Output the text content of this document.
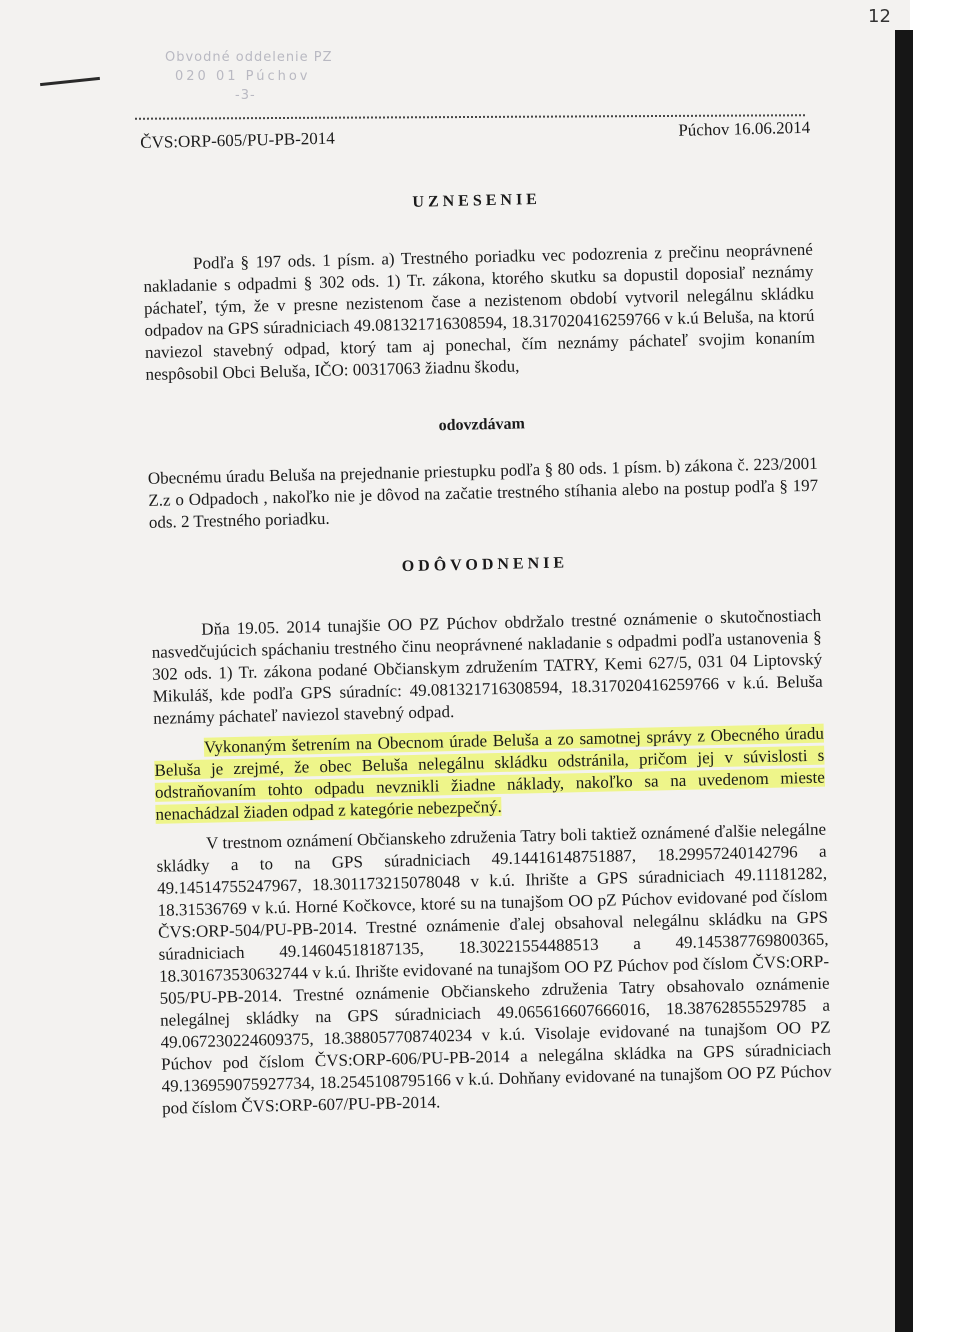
12
Obvodné oddelenie PZ
020 01 Púchov
-3-
ČVS:ORP-605/PU-PB-2014	Púchov 16.06.2014
UZNESENIE

Podľa § 197 ods. 1 písm. a) Trestného poriadku vec podozrenia z prečinu neoprávnené nakladanie s odpadmi § 302 ods. 1) Tr. zákona, ktorého skutku sa dopustil doposiaľ neznámy páchateľ, tým, že v presne nezistenom čase a nezistenom období vytvoril nelegálnu skládku odpadov na GPS súradniciach 49.081321716308594, 18.317020416259766 v k.ú Beluša, na ktorú naviezol stavebný odpad, ktorý tam aj ponechal, čím neznámy páchateľ svojim konaním nespôsobil Obci Beluša, IČO: 00317063 žiadnu škodu,

odovzdávam

Obecnému úradu Beluša na prejednanie priestupku podľa § 80 ods. 1 písm. b) zákona č. 223/2001 Z.z o Odpadoch , nakoľko nie je dôvod na začatie trestného stíhania alebo na postup podľa § 197 ods. 2 Trestného poriadku.

ODÔVODNENIE

Dňa 19.05. 2014 tunajšie OO PZ Púchov obdržalo trestné oznámenie o skutočnostiach nasvedčujúcich spáchaniu trestného činu neoprávnené nakladanie s odpadmi podľa ustanovenia § 302 ods. 1) Tr. zákona podané Občianskym združením TATRY, Kemi 627/5, 031 04 Liptovský Mikuláš, kde podľa GPS súradníc: 49.081321716308594, 18.317020416259766 v k.ú. Beluša neznámy páchateľ naviezol stavebný odpad.

Vykonaným šetrením na Obecnom úrade Beluša a zo samotnej správy z Obecného úradu Beluša je zrejmé, že obec Beluša nelegálnu skládku odstránila, pričom jej v súvislosti s odstraňovaním tohto odpadu nevznikli žiadne náklady, nakoľko sa na uvedenom mieste nenachádzal žiaden odpad z kategórie nebezpečný.

V trestnom oznámení Občianskeho združenia Tatry boli taktiež oznámené ďalšie nelegálne skládky a to na GPS súradniciach 49.14416148751887, 18.29957240142796 a 49.14514755247967, 18.301173215078048 v k.ú. Ihrište a GPS súradniciach 49.11181282, 18.31536769 v k.ú. Horné Kočkovce, ktoré su na tunajšom OO pZ Púchov evidované pod číslom ČVS:ORP-504/PU-PB-2014. Trestné oznámenie ďalej obsahoval nelegálnu skládku na GPS súradniciach 49.14604518187135, 18.30221554488513 a 49.145387769800365, 18.301673530632744 v k.ú. Ihrište evidované na tunajšom OO PZ Púchov pod číslom ČVS:ORP-505/PU-PB-2014. Trestné oznámenie Občianskeho združenia Tatry obsahovalo oznámenie nelegálnej skládky na GPS súradniciach 49.065616607666016, 18.38762855529785 a 49.067230224609375, 18.388057708740234 v k.ú. Visolaje evidované na tunajšom OO PZ Púchov pod číslom ČVS:ORP-606/PU-PB-2014 a nelegálna skládka na GPS súradniciach 49.136959075927734, 18.2545108795166 v k.ú. Dohňany evidované na tunajšom OO PZ Púchov pod číslom ČVS:ORP-607/PU-PB-2014.
